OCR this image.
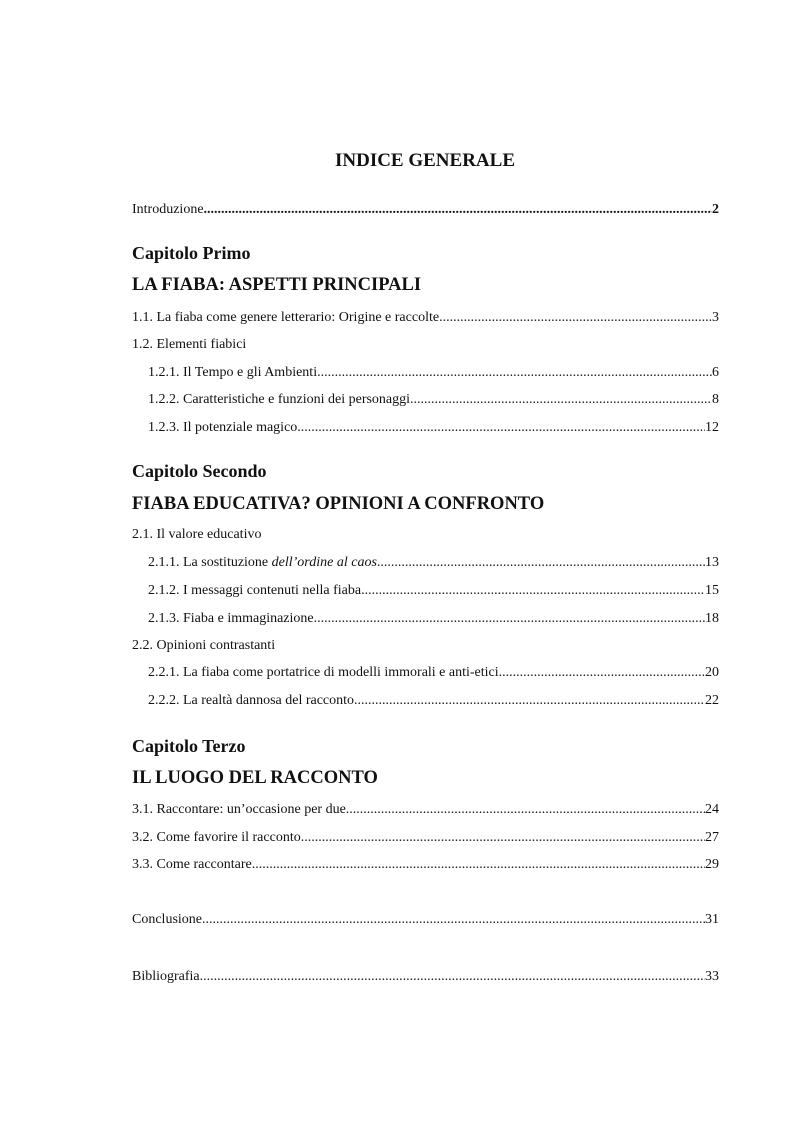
INDICE GENERALE
Introduzione .....	2
Capitolo Primo
LA FIABA: ASPETTI PRINCIPALI
1.1. La fiaba come genere letterario: Origine e raccolte .....	3
1.2. Elementi fiabici
1.2.1. Il Tempo e gli Ambienti .....	6
1.2.2. Caratteristiche e funzioni dei personaggi .....	8
1.2.3. Il potenziale magico .....	12
Capitolo Secondo
FIABA EDUCATIVA? OPINIONI A CONFRONTO
2.1. Il valore educativo
2.1.1. La sostituzione dell’ordine al caos .....	13
2.1.2. I messaggi contenuti nella fiaba .....	15
2.1.3. Fiaba e immaginazione .....	18
2.2. Opinioni contrastanti
2.2.1. La fiaba come portatrice di modelli immorali e anti-etici .....	20
2.2.2. La realtà dannosa del racconto .....	22
Capitolo Terzo
IL LUOGO DEL RACCONTO
3.1. Raccontare: un’occasione per due .....	24
3.2. Come favorire il racconto .....	27
3.3. Come raccontare .....	29
Conclusione .....	31
Bibliografia .....	33
